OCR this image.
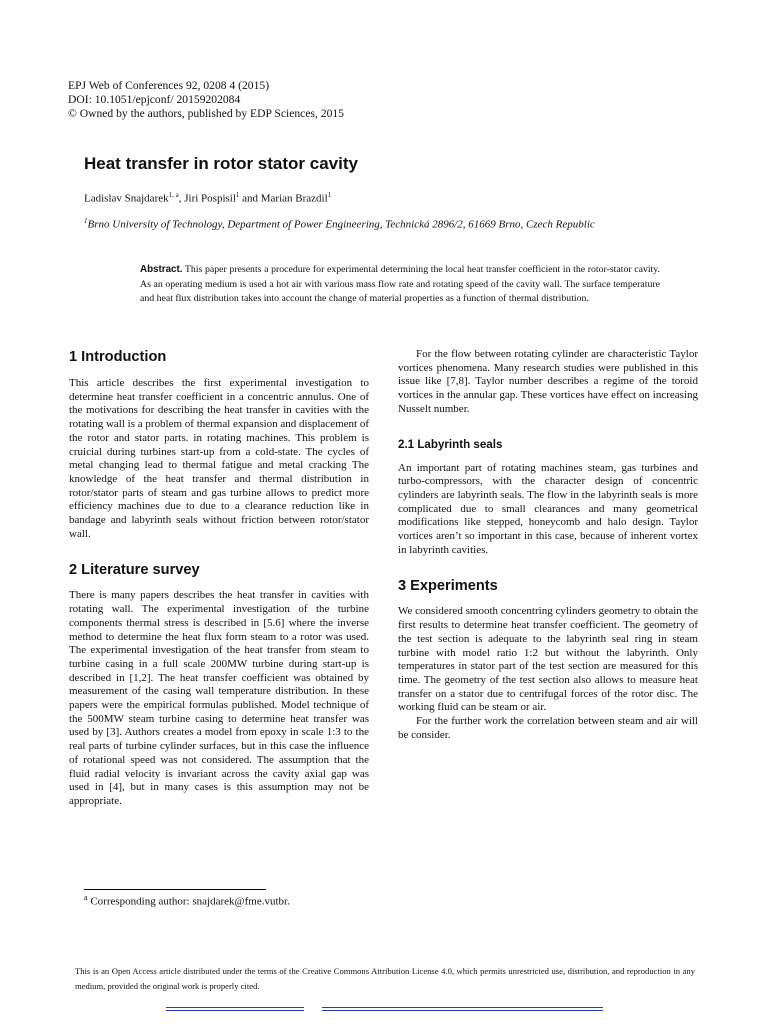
EPJ Web of Conferences 92, 0208 4 (2015)
DOI: 10.1051/epjconf/ 20159202084
© Owned by the authors, published by EDP Sciences, 2015
Heat transfer in rotor stator cavity
Ladislav Snajdarek$^{1, a}$, Jiri Pospisil$^1$ and Marian Brazdil$^1$
$^1$Brno University of Technology, Department of Power Engineering, Technická 2896/2, 61669 Brno, Czech Republic
Abstract. This paper presents a procedure for experimental determining the local heat transfer coefficient in the rotor-stator cavity. As an operating medium is used a hot air with various mass flow rate and rotating speed of the cavity wall. The surface temperature and heat flux distribution takes into account the change of material properties as a function of thermal distribution.
1 Introduction

This article describes the first experimental investigation to determine heat transfer coefficient in a concentric annulus. One of the motivations for describing the heat transfer in cavities with the rotating wall is a problem of thermal expansion and displacement of the rotor and stator parts. in rotating machines. This problem is cruicial during turbines start-up from a cold-state. The cycles of metal changing lead to thermal fatigue and metal cracking The knowledge of the heat transfer and thermal distribution in rotor/stator parts of steam and gas turbine allows to predict more efficiency machines due to due to a clearance reduction like in bandage and labyrinth seals without friction between rotor/stator wall.

2 Literature survey

There is many papers describes the heat transfer in cavities with rotating wall. The experimental investigation of the turbine components thermal stress is described in [5.6] where the inverse method to determine the heat flux form steam to a rotor was used. The experimental investigation of the heat transfer from steam to turbine casing in a full scale 200MW turbine during start-up is described in [1,2]. The heat transfer coefficient was obtained by measurement of the casing wall temperature distribution. In these papers were the empirical formulas published. Model technique of the 500MW steam turbine casing to determine heat transfer was used by [3]. Authors creates a model from epoxy in scale 1:3 to the real parts of turbine cylinder surfaces, but in this case the influence of rotational speed was not considered. The assumption that the fluid radial velocity is invariant across the cavity axial gap was used in [4], but in many cases is this assumption may not be appropriate.

For the flow between rotating cylinder are characteristic Taylor vortices phenomena. Many research studies were published in this issue like [7,8]. Taylor number describes a regime of the toroid vortices in the annular gap. These vortices have effect on increasing Nusselt number.

2.1 Labyrinth seals

An important part of rotating machines steam, gas turbines and turbo-compressors, with the character design of concentric cylinders are labyrinth seals. The flow in the labyrinth seals is more complicated due to small clearances and many geometrical modifications like stepped, honeycomb and halo design. Taylor vortices aren’t so important in this case, because of inherent vortex in labyrinth cavities.

3 Experiments

We considered smooth concentring cylinders geometry to obtain the first results to determine heat transfer coefficient. The geometry of the test section is adequate to the labyrinth seal ring in steam turbine with model ratio 1:2 but without the labyrinth. Only temperatures in stator part of the test section are measured for this time. The geometry of the test section also allows to measure heat transfer on a stator due to centrifugal forces of the rotor disc. The working fluid can be steam or air.

For the further work the correlation between steam and air will be consider.

$^a$ Corresponding author: snajdarek@fme.vutbr.
This is an Open Access article distributed under the terms of the Creative Commons Attribution License 4.0, which permits unrestricted use, distribution, and reproduction in any medium, provided the original work is properly cited.
